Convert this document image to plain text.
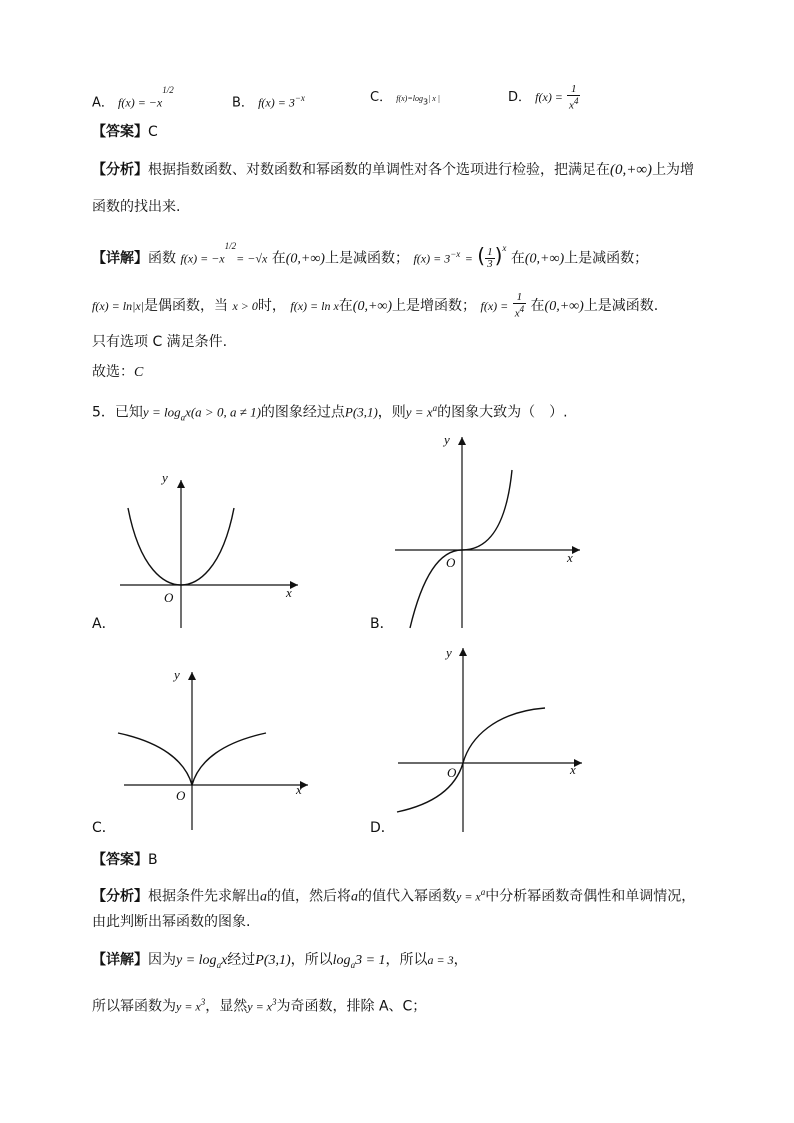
A． $f(x) = -x^{1/2}$
B． $f(x) = 3^{-x}$	C． $f(x)=\log_3|$ x |	D． $f(x) = \frac{1}{x^4}$
【答案】C
【分析】根据指数函数、对数函数和幂函数的单调性对各个选项进行检验，把满足在(0,+∞)上为增
函数的找出来.
【详解】函数 $f(x) = -x^{1/2}= -√x$ 在(0,+∞)上是减函数； $f(x) = 3^{-x}$ = ( $\frac{1}{3} )^x$ 在(0,+∞)上是减函数；
f(x) = ln|x|是偶函数，当 x > 0时， f(x) = ln x在(0,+∞)上是增函数； $f(x) = \frac{1}{x^4}$ 在(0,+∞)上是减函数.
只有选项 C 满足条件.
故选：C
5．已知$y = \log_ax(a > 0$, a ≠ 1)的图象经过点P(3,1)，则$y = x^a$的图象大致为（　）.
y
x
O
A．
y
x
O
B．
y
x
O
C．
y
x
O
D．
【答案】B
【分析】根据条件先求解出a的值，然后将a的值代入幂函数$y = x^a$中分析幂函数奇偶性和单调情况，
由此判断出幂函数的图象.
【详解】因为$y = \log_ax$经过P(3,1)，所以$\log_a3 = 1$，所以a = 3，
所以幂函数为$y = x^3$，显然$y = x^3$为奇函数，排除 A、C；
